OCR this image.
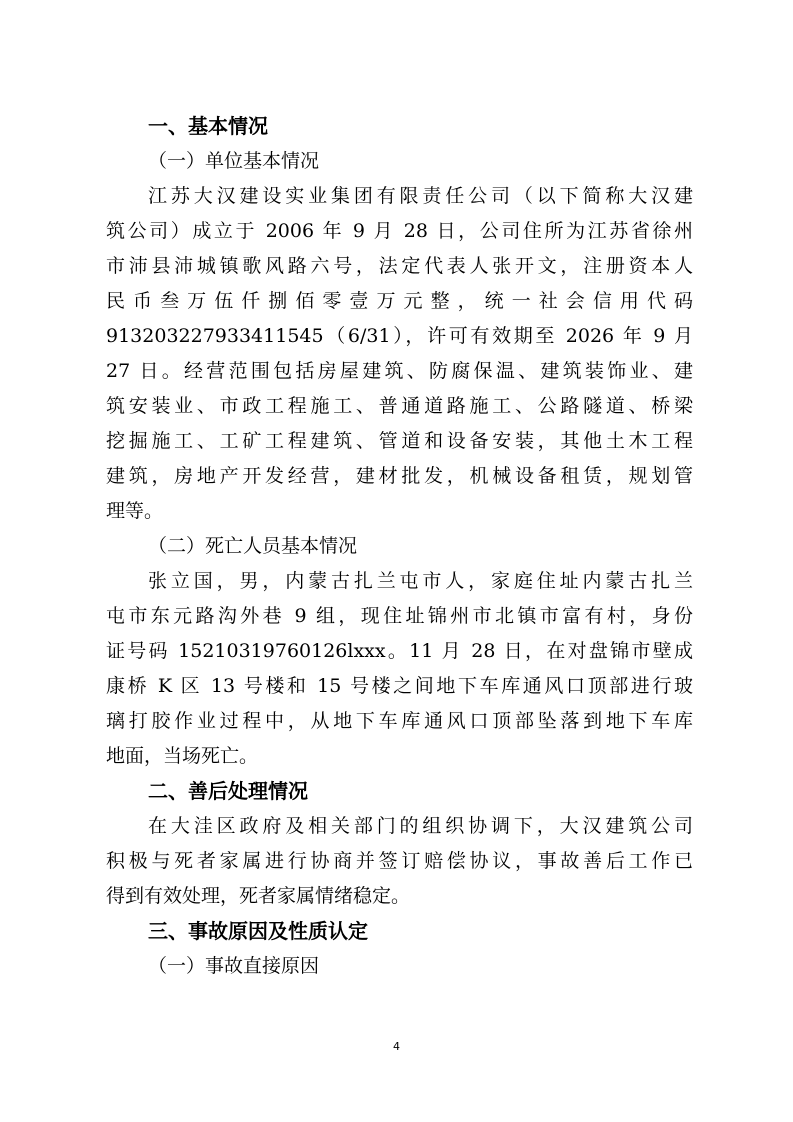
一、基本情况
（一）单位基本情况
江苏大汉建设实业集团有限责任公司（以下简称大汉建
筑公司）成立于 2006 年 9 月 28 日，公司住所为江苏省徐州
市沛县沛城镇歌风路六号，法定代表人张开文，注册资本人
民币叁万伍仟捌佰零壹万元整，统一社会信用代码
913203227933411545（6/31），许可有效期至 2026 年 9 月
27 日。经营范围包括房屋建筑、防腐保温、建筑装饰业、建
筑安装业、市政工程施工、普通道路施工、公路隧道、桥梁
挖掘施工、工矿工程建筑、管道和设备安装，其他土木工程
建筑，房地产开发经营，建材批发，机械设备租赁，规划管
理等。
（二）死亡人员基本情况
张立国，男，内蒙古扎兰屯市人，家庭住址内蒙古扎兰
屯市东元路沟外巷 9 组，现住址锦州市北镇市富有村，身份
证号码 15210319760126lxxx。11 月 28 日，在对盘锦市壁成
康桥 K 区 13 号楼和 15 号楼之间地下车库通风口顶部进行玻
璃打胶作业过程中，从地下车库通风口顶部坠落到地下车库
地面，当场死亡。
二、善后处理情况
在大洼区政府及相关部门的组织协调下，大汉建筑公司
积极与死者家属进行协商并签订赔偿协议，事故善后工作已
得到有效处理，死者家属情绪稳定。
三、事故原因及性质认定
（一）事故直接原因
4
